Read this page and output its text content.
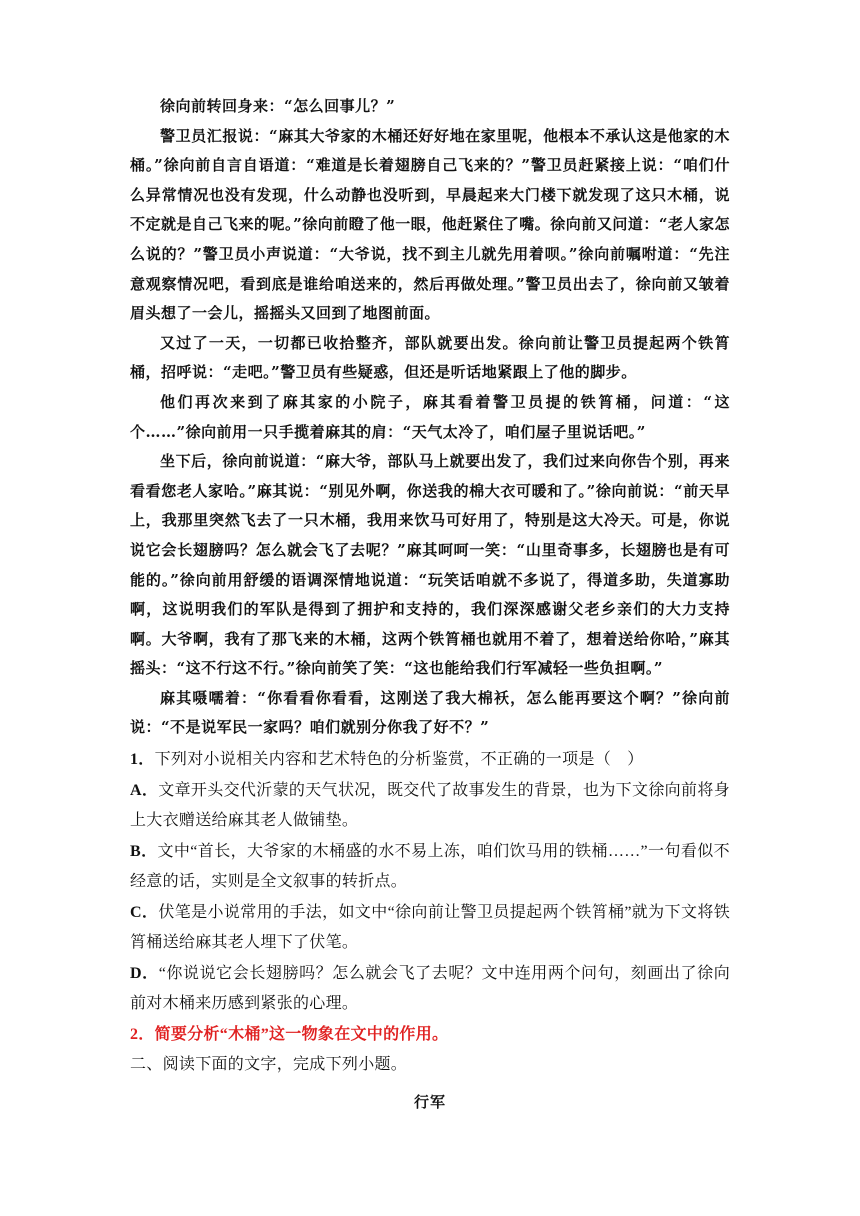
徐向前转回身来：“怎么回事儿？”

警卫员汇报说：“麻其大爷家的木桶还好好地在家里呢，他根本不承认这是他家的木桶。”徐向前自言自语道：“难道是长着翅膀自己飞来的？”警卫员赶紧接上说：“咱们什么异常情况也没有发现，什么动静也没听到，早晨起来大门楼下就发现了这只木桶，说不定就是自己飞来的呢。”徐向前瞪了他一眼，他赶紧住了嘴。徐向前又问道：“老人家怎么说的？”警卫员小声说道：“大爷说，找不到主儿就先用着呗。”徐向前嘱咐道：“先注意观察情况吧，看到底是谁给咱送来的，然后再做处理。”警卫员出去了，徐向前又皱着眉头想了一会儿，摇摇头又回到了地图前面。

又过了一天，一切都已收拾整齐，部队就要出发。徐向前让警卫员提起两个铁筲桶，招呼说：“走吧。”警卫员有些疑惑，但还是听话地紧跟上了他的脚步。

他们再次来到了麻其家的小院子，麻其看着警卫员提的铁筲桶，问道：“这个……”徐向前用一只手揽着麻其的肩：“天气太冷了，咱们屋子里说话吧。”

坐下后，徐向前说道：“麻大爷，部队马上就要出发了，我们过来向你告个别，再来看看您老人家哈。”麻其说：“别见外啊，你送我的棉大衣可暖和了。”徐向前说：“前天早上，我那里突然飞去了一只木桶，我用来饮马可好用了，特别是这大冷天。可是，你说说它会长翅膀吗？怎么就会飞了去呢？”麻其呵呵一笑：“山里奇事多，长翅膀也是有可能的。”徐向前用舒缓的语调深情地说道：“玩笑话咱就不多说了，得道多助，失道寡助啊，这说明我们的军队是得到了拥护和支持的，我们深深感谢父老乡亲们的大力支持啊。大爷啊，我有了那飞来的木桶，这两个铁筲桶也就用不着了，想着送给你哈，”麻其摇头：“这不行这不行。”徐向前笑了笑：“这也能给我们行军减轻一些负担啊。”

麻其嗫嚅着：“你看看你看看，这刚送了我大棉袄，怎么能再要这个啊？”徐向前说：“不是说军民一家吗？咱们就别分你我了好不？”

1．下列对小说相关内容和艺术特色的分析鉴赏，不正确的一项是（　）

A．文章开头交代沂蒙的天气状况，既交代了故事发生的背景，也为下文徐向前将身上大衣赠送给麻其老人做铺垫。

B．文中“首长，大爷家的木桶盛的水不易上冻，咱们饮马用的铁桶……”一句看似不经意的话，实则是全文叙事的转折点。

C．伏笔是小说常用的手法，如文中“徐向前让警卫员提起两个铁筲桶”就为下文将铁筲桶送给麻其老人埋下了伏笔。

D．“你说说它会长翅膀吗？怎么就会飞了去呢？文中连用两个问句，刻画出了徐向前对木桶来历感到紧张的心理。

2．简要分析“木桶”这一物象在文中的作用。

二、阅读下面的文字，完成下列小题。

行军
